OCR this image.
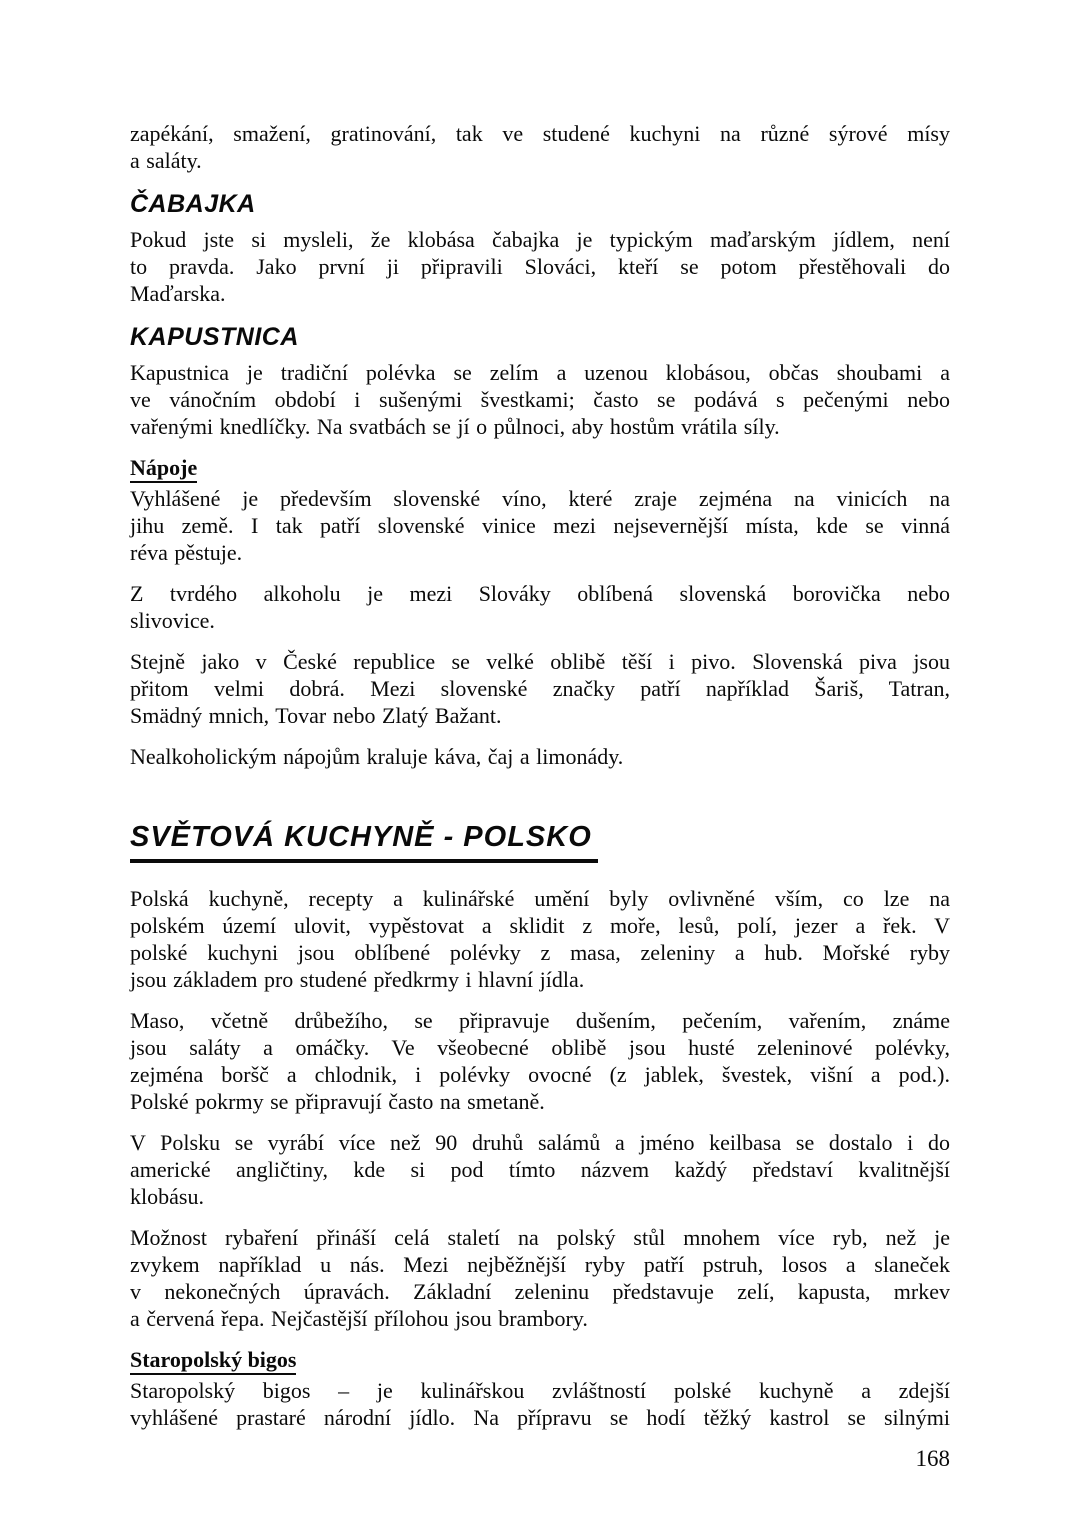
zapékání, smažení, gratinování, tak ve studené kuchyni na různé sýrové mísy
a saláty.
ČABAJKA
Pokud jste si mysleli, že klobása čabajka je typickým maďarským jídlem, není
to pravda. Jako první ji připravili Slováci, kteří se potom přestěhovali do
Maďarska.
KAPUSTNICA
Kapustnica je tradiční polévka se zelím a uzenou klobásou, občas shoubami a
ve vánočním období i sušenými švestkami; často se podává s pečenými nebo
vařenými knedlíčky. Na svatbách se jí o půlnoci, aby hostům vrátila síly.
Nápoje
Vyhlášené je především slovenské víno, které zraje zejména na vinicích na
jihu země. I tak patří slovenské vinice mezi nejsevernější místa, kde se vinná
réva pěstuje.
Z tvrdého alkoholu je mezi Slováky oblíbená slovenská borovička nebo
slivovice.
Stejně jako v České republice se velké oblibě těší i pivo. Slovenská piva jsou
přitom velmi dobrá. Mezi slovenské značky patří například Šariš, Tatran,
Smädný mnich, Tovar nebo Zlatý Bažant.
Nealkoholickým nápojům kraluje káva, čaj a limonády.
SVĚTOVÁ KUCHYNĚ - POLSKO
Polská kuchyně, recepty a kulinářské umění byly ovlivněné vším, co lze na
polském území ulovit, vypěstovat a sklidit z moře, lesů, polí, jezer a řek. V
polské kuchyni jsou oblíbené polévky z masa, zeleniny a hub. Mořské ryby
jsou základem pro studené předkrmy i hlavní jídla.
Maso, včetně drůbežího, se připravuje dušením, pečením, vařením, známe
jsou saláty a omáčky. Ve všeobecné oblibě jsou husté zeleninové polévky,
zejména boršč a chlodnik, i polévky ovocné (z jablek, švestek, višní a pod.).
Polské pokrmy se připravují často na smetaně.
V Polsku se vyrábí více než 90 druhů salámů a jméno keilbasa se dostalo i do
americké angličtiny, kde si pod tímto názvem každý představí kvalitnější
klobásu.
Možnost rybaření přináší celá staletí na polský stůl mnohem více ryb, než je
zvykem například u nás. Mezi nejběžnější ryby patří pstruh, losos a slaneček
v nekonečných úpravách. Základní zeleninu představuje zelí, kapusta, mrkev
a červená řepa. Nejčastější přílohou jsou brambory.
Staropolský bigos
Staropolský bigos – je kulinářskou zvláštností polské kuchyně a zdejší
vyhlášené prastaré národní jídlo. Na přípravu se hodí těžký kastrol se silnými
168
